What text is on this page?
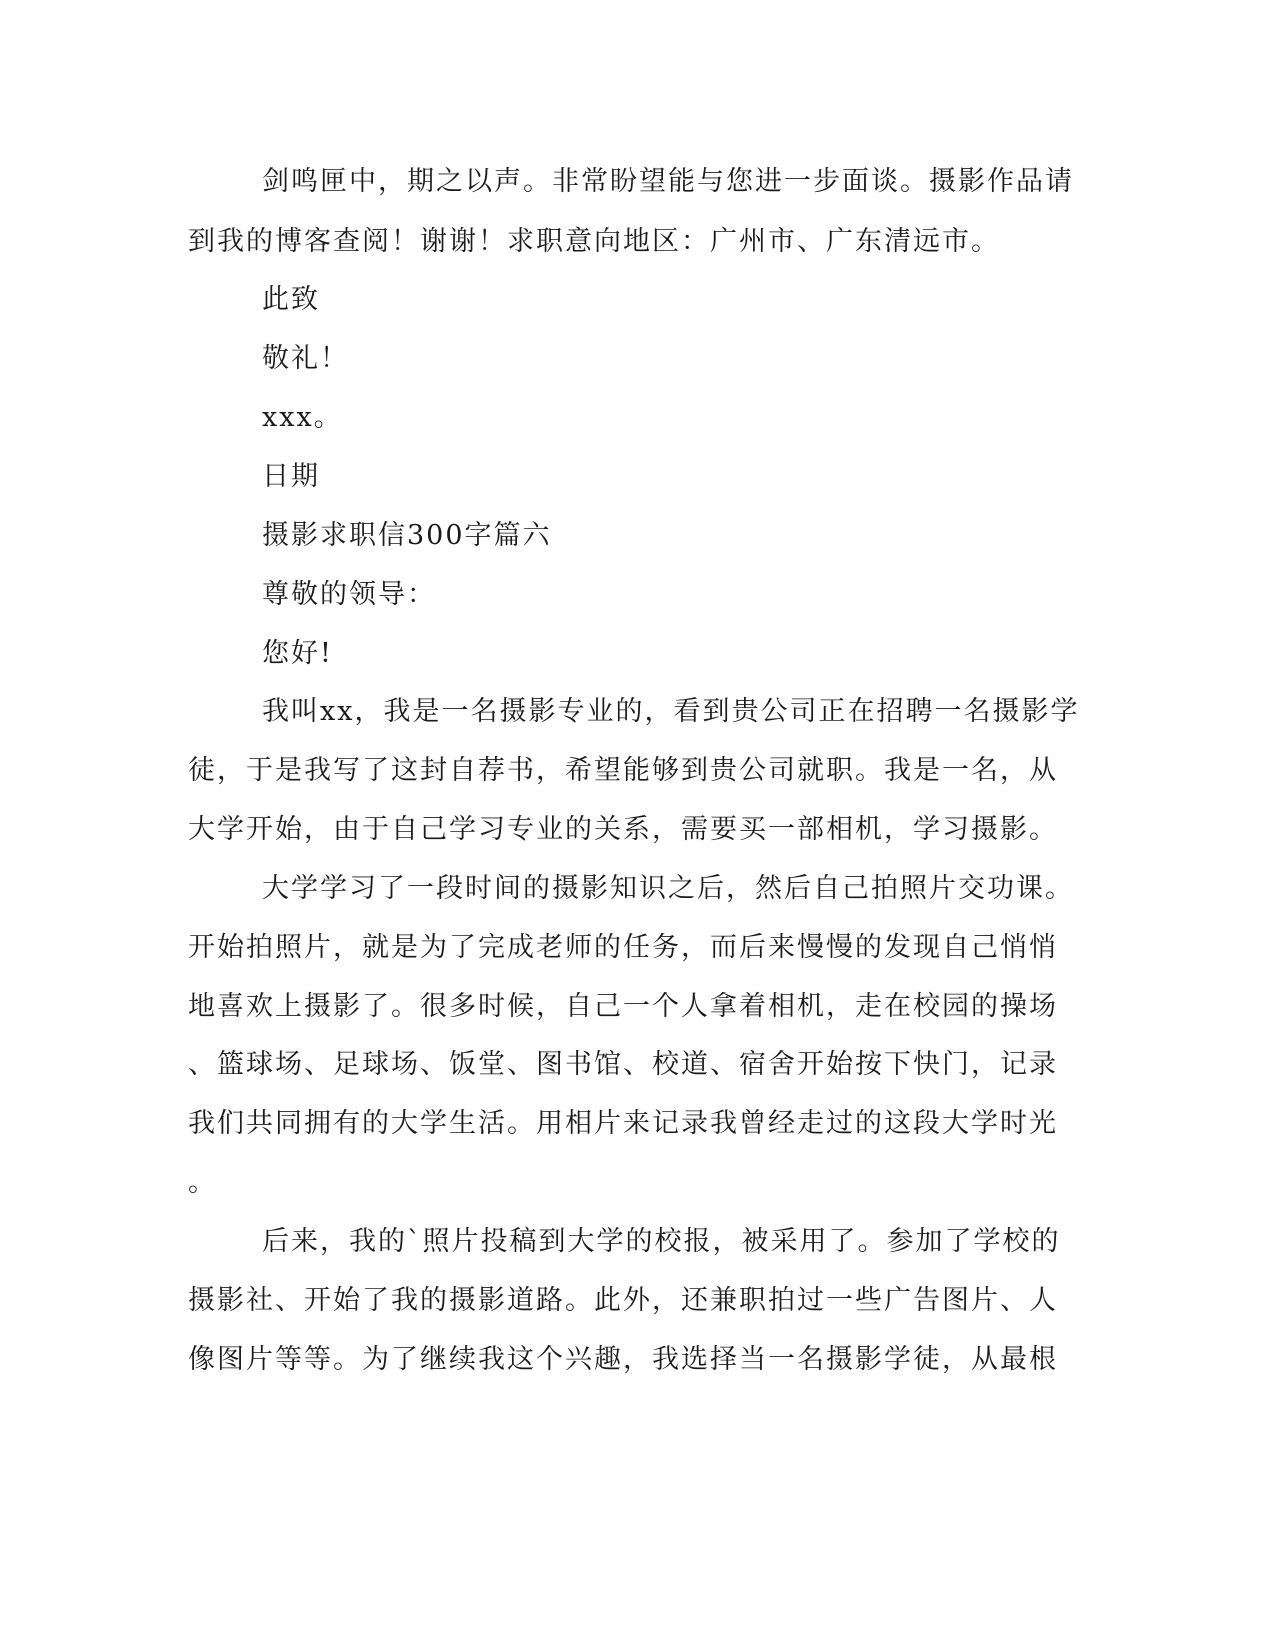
剑鸣匣中，期之以声。非常盼望能与您进一步面谈。摄影作品请
到我的博客查阅！谢谢！求职意向地区：广州市、广东清远市。
此致
敬礼！
xxx。
日期
摄影求职信300字篇六
尊敬的领导：
您好!
我叫xx，我是一名摄影专业的，看到贵公司正在招聘一名摄影学
徒，于是我写了这封自荐书，希望能够到贵公司就职。我是一名，从
大学开始，由于自己学习专业的关系，需要买一部相机，学习摄影。
大学学习了一段时间的摄影知识之后，然后自己拍照片交功课。
开始拍照片，就是为了完成老师的任务，而后来慢慢的发现自己悄悄
地喜欢上摄影了。很多时候，自己一个人拿着相机，走在校园的操场
、篮球场、足球场、饭堂、图书馆、校道、宿舍开始按下快门，记录
我们共同拥有的大学生活。用相片来记录我曾经走过的这段大学时光
。
后来，我的`照片投稿到大学的校报，被采用了。参加了学校的
摄影社、开始了我的摄影道路。此外，还兼职拍过一些广告图片、人
像图片等等。为了继续我这个兴趣，我选择当一名摄影学徒，从最根
